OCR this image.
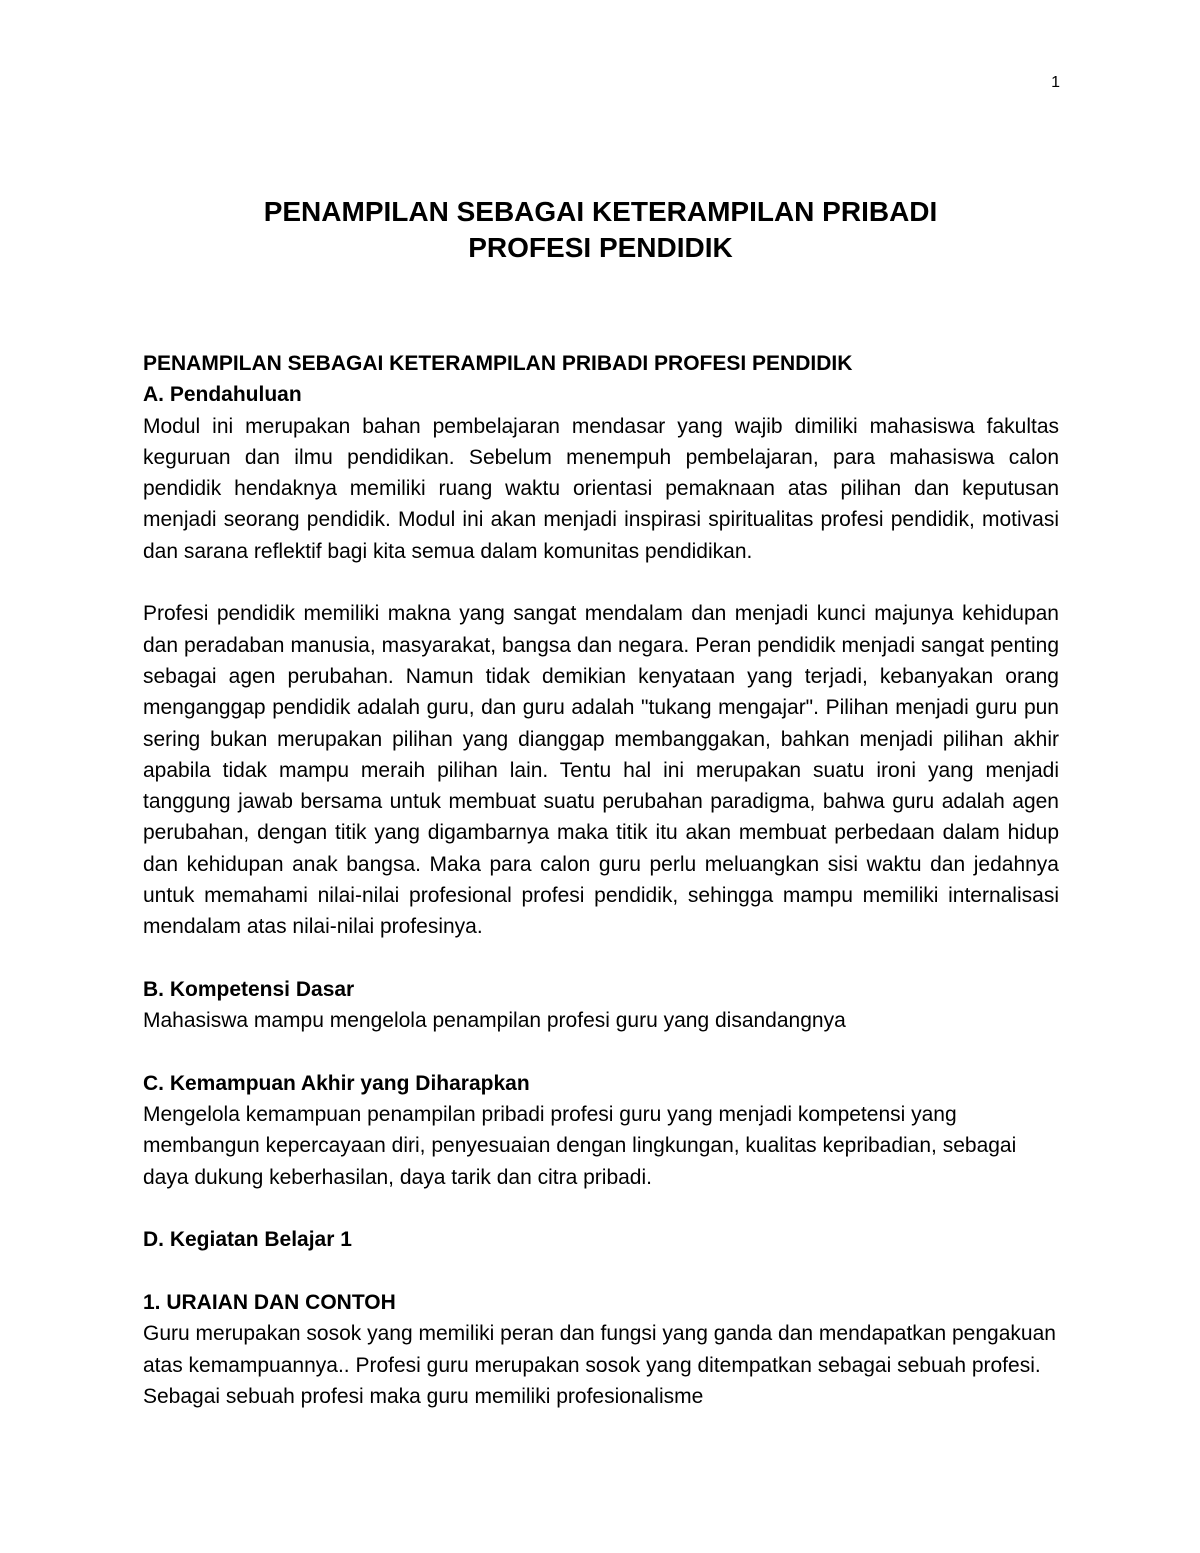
1
PENAMPILAN SEBAGAI KETERAMPILAN PRIBADI
PROFESI PENDIDIK
PENAMPILAN SEBAGAI KETERAMPILAN PRIBADI PROFESI PENDIDIK
A. Pendahuluan

Modul ini merupakan bahan pembelajaran mendasar yang wajib dimiliki mahasiswa fakultas keguruan dan ilmu pendidikan. Sebelum menempuh pembelajaran, para mahasiswa calon pendidik hendaknya memiliki ruang waktu orientasi pemaknaan atas pilihan dan keputusan menjadi seorang pendidik. Modul ini akan menjadi inspirasi spiritualitas profesi pendidik, motivasi dan sarana reflektif bagi kita semua dalam komunitas pendidikan.

Profesi pendidik memiliki makna yang sangat mendalam dan menjadi kunci majunya kehidupan dan peradaban manusia, masyarakat, bangsa dan negara. Peran pendidik menjadi sangat penting sebagai agen perubahan. Namun tidak demikian kenyataan yang terjadi, kebanyakan orang menganggap pendidik adalah guru, dan guru adalah "tukang mengajar". Pilihan menjadi guru pun sering bukan merupakan pilihan yang dianggap membanggakan, bahkan menjadi pilihan akhir apabila tidak mampu meraih pilihan lain. Tentu hal ini merupakan suatu ironi yang menjadi tanggung jawab bersama untuk membuat suatu perubahan paradigma, bahwa guru adalah agen perubahan, dengan titik yang digambarnya maka titik itu akan membuat perbedaan dalam hidup dan kehidupan anak bangsa. Maka para calon guru perlu meluangkan sisi waktu dan jedahnya untuk memahami nilai-nilai profesional profesi pendidik, sehingga mampu memiliki internalisasi mendalam atas nilai-nilai profesinya.

B. Kompetensi Dasar

Mahasiswa mampu mengelola penampilan profesi guru yang disandangnya

C. Kemampuan Akhir yang Diharapkan

Mengelola kemampuan penampilan pribadi profesi guru yang menjadi kompetensi yang membangun kepercayaan diri, penyesuaian dengan lingkungan, kualitas kepribadian, sebagai daya dukung keberhasilan, daya tarik dan citra pribadi.

D. Kegiatan Belajar 1
1. URAIAN DAN CONTOH

Guru merupakan sosok yang memiliki peran dan fungsi yang ganda dan mendapatkan pengakuan atas kemampuannya.. Profesi guru merupakan sosok yang ditempatkan sebagai sebuah profesi. Sebagai sebuah profesi maka guru memiliki profesionalisme
